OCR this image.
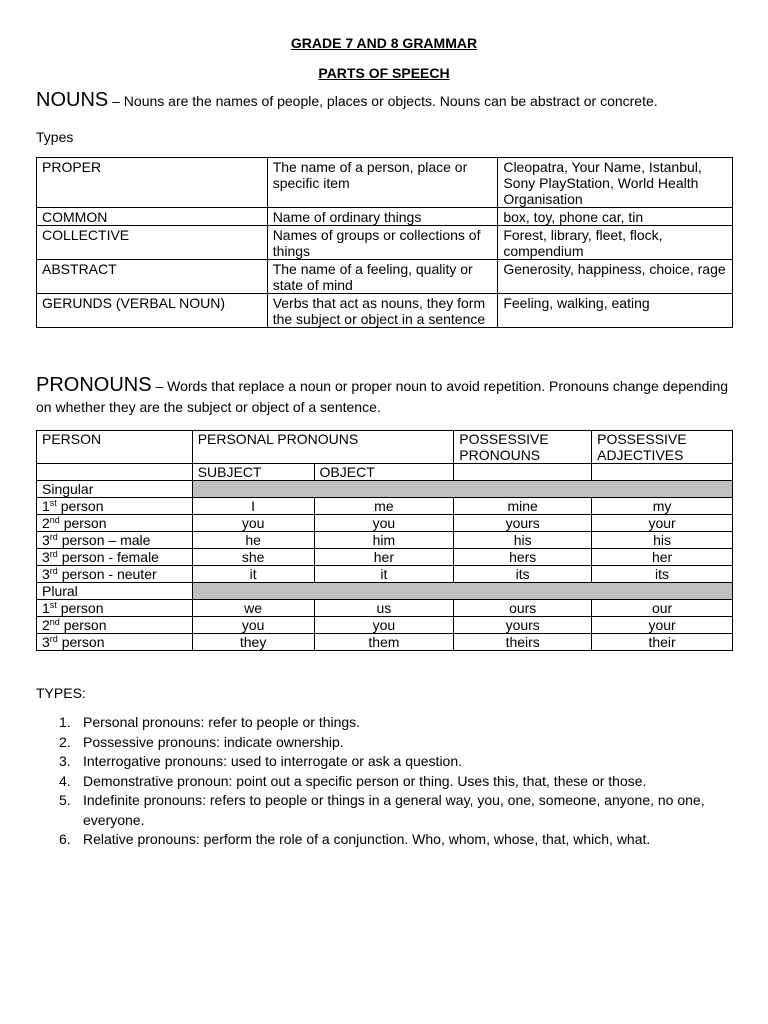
GRADE 7 AND 8 GRAMMAR
PARTS OF SPEECH
NOUNS – Nouns are the names of people, places or objects. Nouns can be abstract or concrete.
Types
PROPER	The name of a person, place or specific item	Cleopatra, Your Name, Istanbul, Sony PlayStation, World Health Organisation
COMMON	Name of ordinary things	box, toy, phone car, tin
COLLECTIVE	Names of groups or collections of things	Forest, library, fleet, flock, compendium
ABSTRACT	The name of a feeling, quality or state of mind	Generosity, happiness, choice, rage
GERUNDS (VERBAL NOUN)	Verbs that act as nouns, they form the subject or object in a sentence	Feeling, walking, eating
PRONOUNS – Words that replace a noun or proper noun to avoid repetition. Pronouns change depending on whether they are the subject or object of a sentence.
PERSON	PERSONAL PRONOUNS		POSSESSIVE PRONOUNS	POSSESSIVE ADJECTIVES
	SUBJECT	OBJECT		
Singular				
1st person	I	me	mine	my
2nd person	you	you	yours	your
3rd person – male	he	him	his	his
3rd person - female	she	her	hers	her
3rd person - neuter	it	it	its	its
Plural				
1st person	we	us	ours	our
2nd person	you	you	yours	your
3rd person	they	them	theirs	their
TYPES:
1. Personal pronouns: refer to people or things.
2. Possessive pronouns: indicate ownership.
3. Interrogative pronouns: used to interrogate or ask a question.
4. Demonstrative pronoun: point out a specific person or thing. Uses this, that, these or those.
5. Indefinite pronouns: refers to people or things in a general way, you, one, someone, anyone, no one, everyone.
6. Relative pronouns: perform the role of a conjunction. Who, whom, whose, that, which, what.
